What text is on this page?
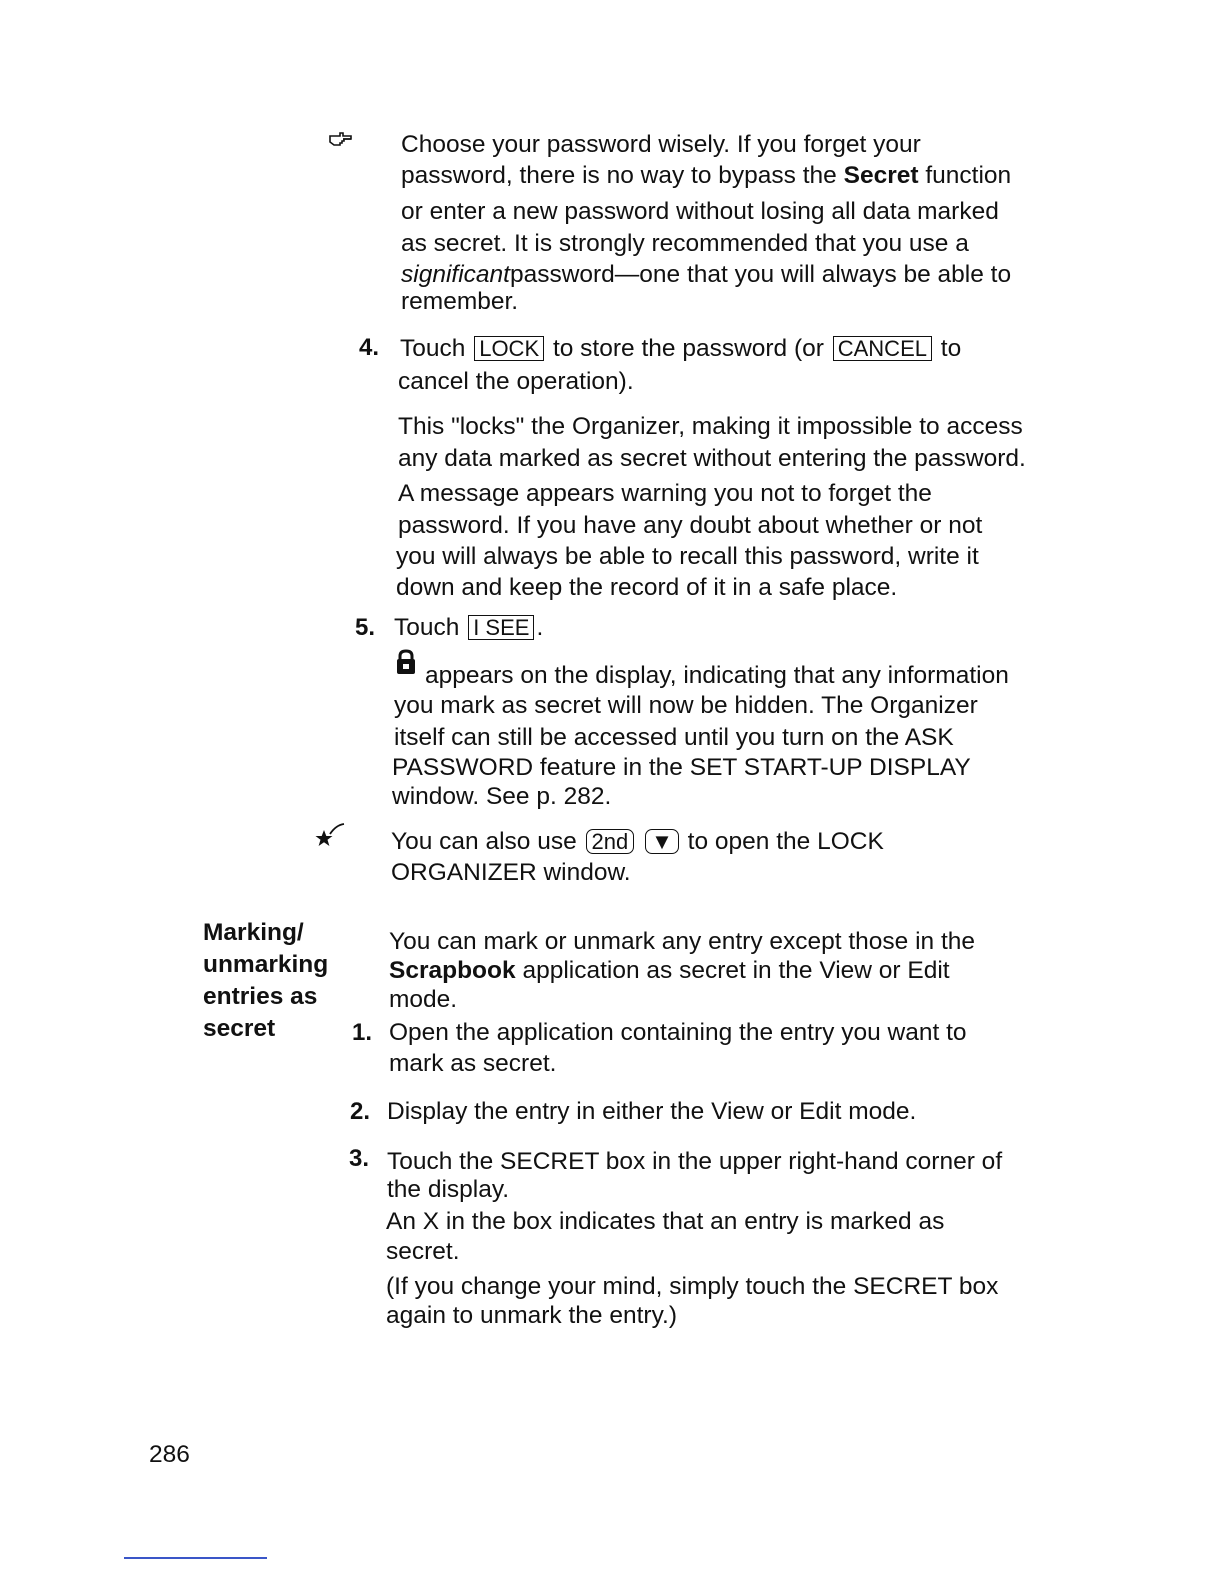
Choose your password wisely. If you forget your
password, there is no way to bypass the Secret function
or enter a new password without losing all data marked
as secret. It is strongly recommended that you use a
significantpassword—one that you will always be able to
remember.
4. Touch LOCK to store the password (or CANCEL to
cancel the operation).
This "locks" the Organizer, making it impossible to access
any data marked as secret without entering the password.
A message appears warning you not to forget the
password. If you have any doubt about whether or not
you will always be able to recall this password, write it
down and keep the record of it in a safe place.
5. Touch I SEE .
appears on the display, indicating that any information
you mark as secret will now be hidden. The Organizer
itself can still be accessed until you turn on the ASK
PASSWORD feature in the SET START-UP DISPLAY
window. See p. 282.
You can also use 2nd ▼ to open the LOCK
ORGANIZER window.
Marking/
unmarking
entries as
secret
You can mark or unmark any entry except those in the
Scrapbook application as secret in the View or Edit
mode.
1. Open the application containing the entry you want to
mark as secret.
2. Display the entry in either the View or Edit mode.
3. Touch the SECRET box in the upper right-hand corner of
the display.
An X in the box indicates that an entry is marked as
secret.
(If you change your mind, simply touch the SECRET box
again to unmark the entry.)
286
